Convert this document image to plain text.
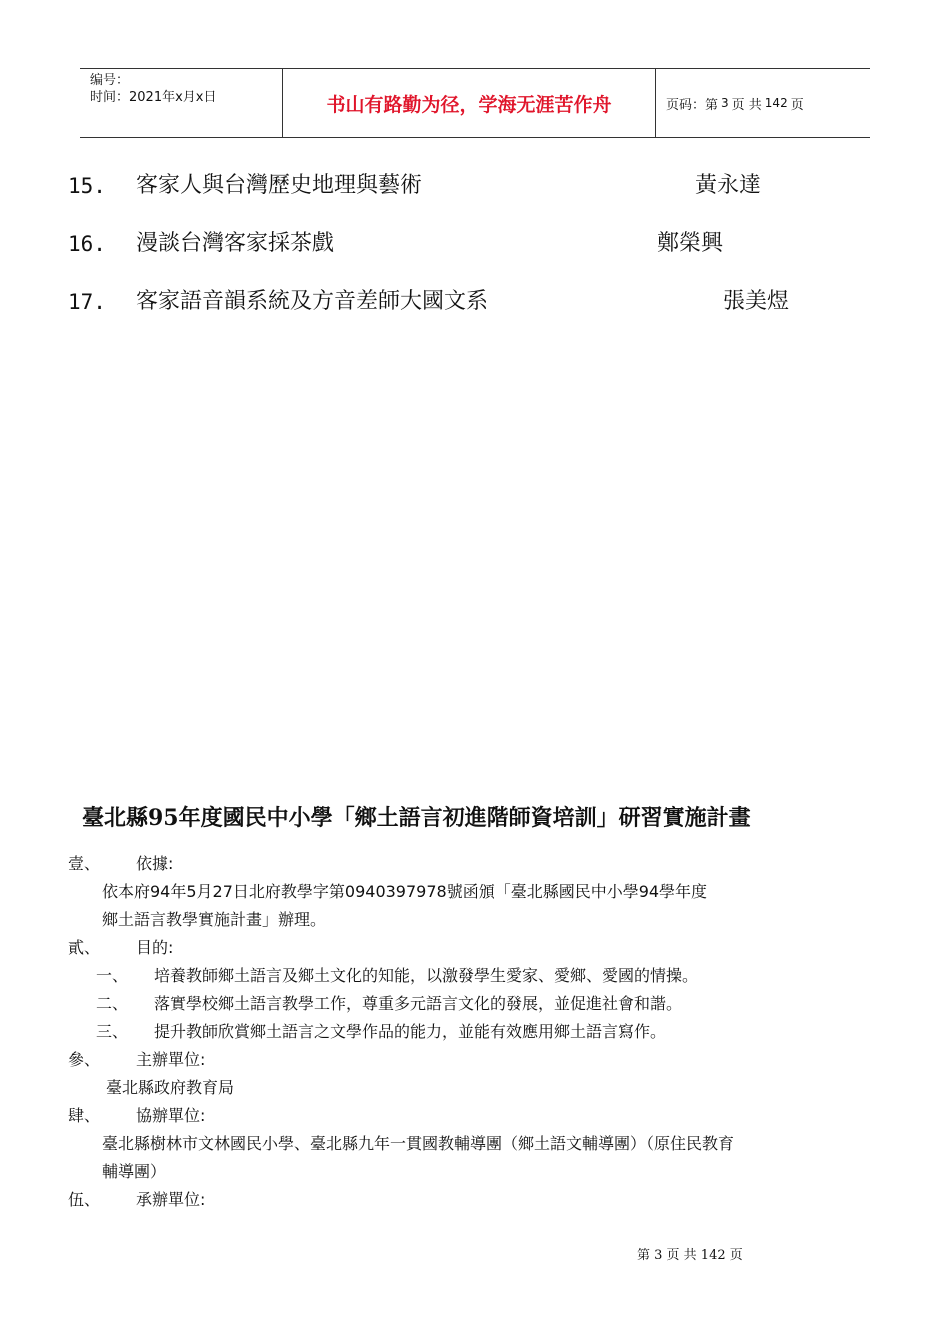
编号：
时间：2021年x月x日	书山有路勤为径，学海无涯苦作舟	页码：第 3 页 共 142 页
15. 客家人與台灣歷史地理與藝術	黃永達
16. 漫談台灣客家採茶戲	鄭榮興
17. 客家語音韻系統及方音差師大國文系	張美煜
臺北縣95年度國民中小學「鄉土語言初進階師資培訓」研習實施計畫
壹、 依據:
依本府94年5月27日北府教學字第0940397978號函頒「臺北縣國民中小學94學年度
鄉土語言教學實施計畫」辦理。
貳、 目的:
一、 培養教師鄉土語言及鄉土文化的知能，以激發學生愛家、愛鄉、愛國的情操。
二、 落實學校鄉土語言教學工作，尊重多元語言文化的發展，並促進社會和諧。
三、 提升教師欣賞鄉土語言之文學作品的能力，並能有效應用鄉土語言寫作。
參、 主辦單位:
臺北縣政府教育局
肆、 協辦單位:
臺北縣樹林市文林國民小學、臺北縣九年一貫國教輔導團（鄉土語文輔導團）（原住民教育
輔導團）
伍、 承辦單位:
第 3 页 共 142 页
